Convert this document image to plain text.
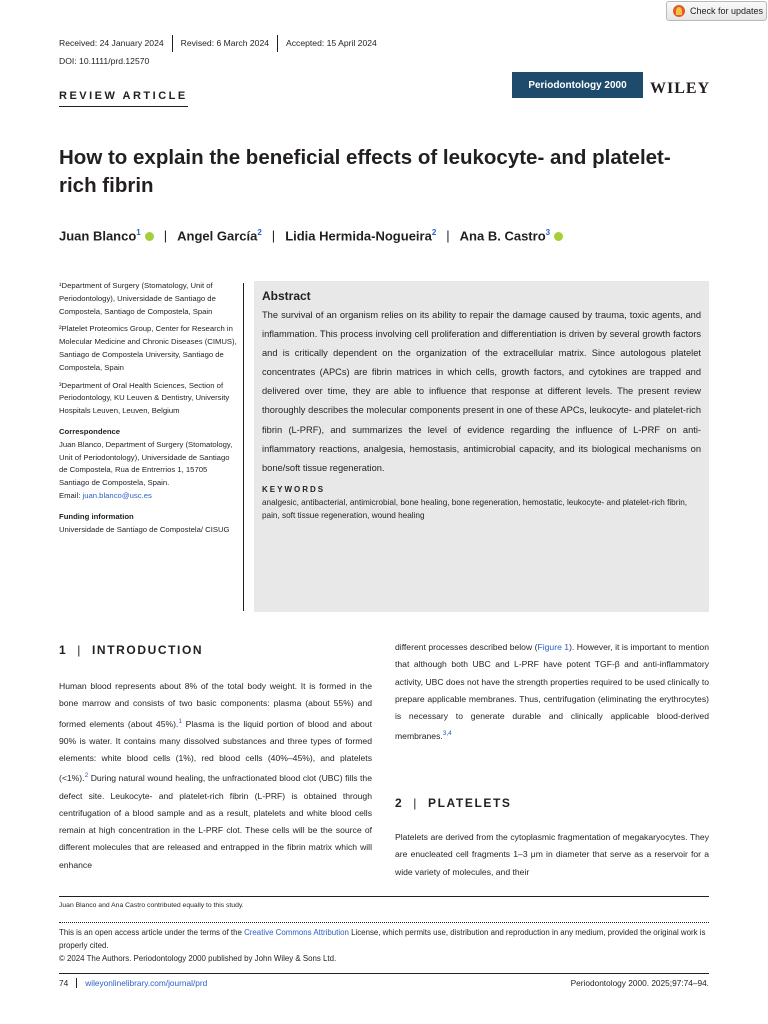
Check for updates
Received: 24 January 2024	Revised: 6 March 2024	Accepted: 15 April 2024
DOI: 10.1111/prd.12570
REVIEW ARTICLE
Periodontology 2000	WILEY
How to explain the beneficial effects of leukocyte- and platelet-rich fibrin
Juan Blanco$^1$	| Angel García$^2$ | Lidia Hermida-Nogueira$^2$ | Ana B. Castro$^3$

¹Department of Surgery (Stomatology, Unit of Periodontology), Universidade de Santiago de Compostela, Santiago de Compostela, Spain

²Platelet Proteomics Group, Center for Research in Molecular Medicine and Chronic Diseases (CIMUS), Santiago de Compostela University, Santiago de Compostela, Spain

³Department of Oral Health Sciences, Section of Periodontology, KU Leuven & Dentistry, University Hospitals Leuven, Leuven, Belgium

Correspondence

Juan Blanco, Department of Surgery (Stomatology, Unit of Periodontology), Universidade de Santiago de Compostela, Rua de Entrerrios 1, 15705 Santiago de Compostela, Spain.

Email: juan.blanco@usc.es

Funding information

Universidade de Santiago de Compostela/ CISUG

Abstract

The survival of an organism relies on its ability to repair the damage caused by trauma, toxic agents, and inflammation. This process involving cell proliferation and differentiation is driven by several growth factors and is critically dependent on the organization of the extracellular matrix. Since autologous platelet concentrates (APCs) are fibrin matrices in which cells, growth factors, and cytokines are trapped and delivered over time, they are able to influence that response at different levels. The present review thoroughly describes the molecular components present in one of these APCs, leukocyte- and platelet-rich fibrin (L-PRF), and summarizes the level of evidence regarding the influence of L-PRF on anti-inflammatory reactions, analgesia, hemostasis, antimicrobial capacity, and its biological mechanisms on bone/soft tissue regeneration.

KEYWORDS

analgesic, antibacterial, antimicrobial, bone healing, bone regeneration, hemostatic, leukocyte- and platelet-rich fibrin, pain, soft tissue regeneration, wound healing

1 | INTRODUCTION

Human blood represents about 8% of the total body weight. It is formed in the bone marrow and consists of two basic components: plasma (about 55%) and formed elements (about 45%).$^1$ Plasma is the liquid portion of blood and about 90% is water. It contains many dissolved substances and three types of formed elements: white blood cells (1%), red blood cells (40%–45%), and platelets (<1%).$^2$ During natural wound healing, the unfractionated blood clot (UBC) fills the defect site. Leukocyte- and platelet-rich fibrin (L-PRF) is obtained through centrifugation of a blood sample and as a result, platelets and white blood cells remain at high concentration in the L-PRF clot. These cells will be the source of different molecules that are released and entrapped in the fibrin matrix which will enhance

different processes described below (Figure 1). However, it is important to mention that although both UBC and L-PRF have potent TGF-β and anti-inflammatory activity, UBC does not have the strength properties required to be used clinically to prepare applicable membranes. Thus, centrifugation (eliminating the erythrocytes) is necessary to generate durable and clinically applicable blood-derived membranes.$^{3,4}$

2 | PLATELETS

Platelets are derived from the cytoplasmic fragmentation of megakaryocytes. They are enucleated cell fragments 1–3 μm in diameter that serve as a reservoir for a wide variety of molecules, and their

Juan Blanco and Ana Castro contributed equally to this study.
This is an open access article under the terms of the Creative Commons Attribution License, which permits use, distribution and reproduction in any medium, provided the original work is properly cited.
© 2024 The Authors. Periodontology 2000 published by John Wiley & Sons Ltd.
74	wileyonlinelibrary.com/journal/prd	Periodontology 2000. 2025;97:74–94.
